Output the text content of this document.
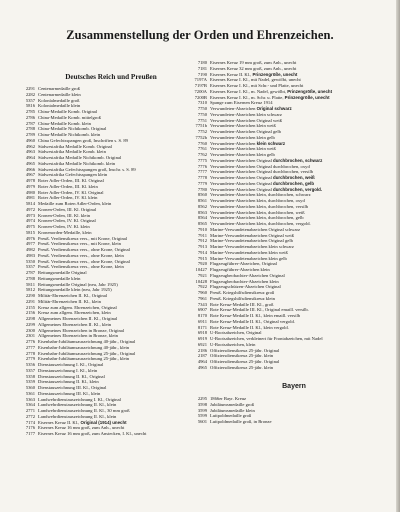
Zusammenstellung der Orden und Ehrenzeichen.
Deutsches Reich und Preußen
2291 Centenarmedaille groß
2282 Centenarmedaille klein
5357 Koloníalmedaille groß
5816 Kolonialmedaille klein
2785 China-Medaille Komb. Original
2786 China-Medaille Komb. mittelgroß
2787 China-Medaille Komb. klein
2788 China-Medaille Nichtkomb. Original
2789 China-Medaille Nichtkomb. klein
4960 China Gefechtsspangen groß, Inschriften s. S. 89
4962 Südwestafrika Medaille Komb. Original
4963 Südwestafrika Medaille Komb. klein
4964 Südwestafrika Medaille Nichtkomb. Original
4965 Südwestafrika Medaille Nichtkomb. klein
4966 Südwestafrika Gefechtsspangen groß, Inschr. s. S. 89
4967 Südwestafrika Gefechtsspangen klein
4978 Roter Adler-Orden, III. Kl. Original
4979 Roter Adler-Orden, III. Kl. klein
4980 Roter Adler-Orden, IV. Kl. Original
4981 Roter Adler-Orden, IV. Kl. klein
5814 Medaille zum Roten Adler-Orden, klein
4972 Kronen-Orden, III. Kl. Original
4973 Kronen-Orden, III. Kl. klein
4974 Kronen-Orden, IV. Kl. Original
4975 Kronen-Orden, IV. Kl. klein
5815 Kronenorden-Medaille, klein
4976 Preuß. Verdienstkreuz vers., mit Krone, Original
4977 Preuß. Verdienstkreuz vers., mit Krone, klein
4982 Preuß. Verdienstkreuz vers., ohne Krone, Original
4983 Preuß. Verdienstkreuz vers., ohne Krone, klein
5350 Preuß. Verdienstkreuz vers., ohne Krone, Original
5357 Preuß. Verdienstkreuz vers., ohne Krone, klein
2787 Rettungsmedaille Original
2788 Rettungsmedaille klein
5811 Rettungsmedaille Original (neu, Jahr 1925)
5812 Rettungsmedaille klein (neu, Jahr 1925)
2290 Militär-Ehrenzeichen II. Kl., Original
2291 Militär-Ehrenzeichen II. Kl., klein
2155 Kreuz zum allgem. Ehrenzeichen, Original
2156 Kreuz zum allgem. Ehrenzeichen, klein
2298 Allgemeines Ehrenzeichen II. Kl., Original
2299 Allgemeines Ehrenzeichen II. Kl., klein
2300 Allgemeines Ehrenzeichen in Bronze, Original
2301 Allgemeines Ehrenzeichen in Bronze, klein
2776 Eisenbahn-Jubiläumsauszeichnung 40-jähr., Original
2777 Eisenbahn-Jubiläumsauszeichnung 40-jähr., klein
2778 Eisenbahn-Jubiläumsauszeichnung 25-jähr., Original
2779 Eisenbahn-Jubiläumsauszeichnung 25-jähr., klein
5356 Dienstauszeichnung I. Kl., Original
5357 Dienstauszeichnung I. Kl., klein
5358 Dienstauszeichnung II. Kl., Original
5359 Dienstauszeichnung II. Kl., klein
5360 Dienstauszeichnung III. Kl., Original
5361 Dienstauszeichnung III. Kl., klein
5363 Landwehrdienstauszeichnung I. Kl., Original
5364 Landwehrdienstauszeichnung II. Kl., klein
2771 Landwehrdienstauszeichnung II. Kl., 30 mm groß
2772 Landwehrdienstauszeichnung II. Kl., klein
7174 Eisernes Kreuz II. Kl., Original (1914) unecht
7176 Eisernes Kreuz 16 mm groß, zum Anh., unecht
7177 Eisernes Kreuz 16 mm groß, zum Anstecken, I. Kl., unecht
7180 Eisernes Kreuz 19 mm groß, zum Anh., unecht
7181 Eisernes Kreuz 32 mm groß, zum Anh., unecht
7190 Eisernes Kreuz II. Kl., Prinzengröße, unecht
7197A Eisernes Kreuz I. Kl., mit Nadel, gewölbt, unecht
7197B Eisernes Kreuz I. Kl., mit Schr.- und Platte, unecht
7200A Eisernes Kreuz I. Kl., m. Nadel, gewölbt, Prinzengröße, unecht
7200B Eisernes Kreuz I. Kl., m. Schr. u. Platte, Prinzengröße, unecht
7310 Spange zum Eisernen Kreuz 1914
7750 Verwundeten-Abzeichen Original schwarz
7750 Verwundeten-Abzeichen klein schwarz
7751 Verwundeten-Abzeichen Original weiß
7751b Verwundeten-Abzeichen klein weiß
7752 Verwundeten-Abzeichen Original gelb
7752b Verwundeten-Abzeichen klein gelb
7760 Verwundeten-Abzeichen klein schwarz
7761 Verwundeten-Abzeichen klein weiß
7762 Verwundeten-Abzeichen klein gelb
7775 Verwundeten-Abzeichen Original durchbrochen, schwarz
7776 Verwundeten-Abzeichen Original durchbrochen, oxyd
7777 Verwundeten-Abzeichen Original durchbrochen, versilb
7778 Verwundeten-Abzeichen Original durchbrochen, weiß
7779 Verwundeten-Abzeichen Original durchbrochen, gelb
7780 Verwundeten-Abzeichen Original durchbrochen, vergold.
8560 Verwundeten-Abzeichen klein, durchbrochen, schwarz
8561 Verwundeten-Abzeichen klein, durchbrochen, oxyd
8562 Verwundeten-Abzeichen klein, durchbrochen, versilb
8563 Verwundeten-Abzeichen klein, durchbrochen, weiß
8564 Verwundeten-Abzeichen klein, durchbrochen, gelb
8565 Verwundeten-Abzeichen klein, durchbrochen, vergold.
7910 Marine-Verwundetenabzeichen Original schwarz
7911 Marine-Verwundetenabzeichen Original weiß
7912 Marine-Verwundetenabzeichen Original gelb
7913 Marine-Verwundetenabzeichen klein schwarz
7914 Marine-Verwundetenabzeichen klein weiß
7915 Marine-Verwundetenabzeichen klein gelb
7920 Flugzeugführer-Abzeichen, Original
10427 Flugzeugführer-Abzeichen klein
7921 Flugzeugbeobachter-Abzeichen Original
10428 Flugzeugbeobachter-Abzeichen klein
7922 Flugzeugschützen-Abzeichen Original
7960 Preuß. Kriegshilfsdienstkreuz groß
7961 Preuß. Kriegshilfsdienstkreuz klein
7343 Rote Kreuz-Medaille III. Kl., groß
6907 Rote Kreuz-Medaille III. Kl., Original emaill. versilb.
8170 Rote Kreuz-Medaille II. Kl., klein emaill. versilb
6911 Rote Kreuz-Medaille II. Kl., Original vergold.
8171 Rote Kreuz-Medaille II. Kl., klein vergold.
6918 U-Bootsabzeichen, Original
6919 U-Bootsabzeichen, verkleinert für Frontabzeichen, mit Nadel
6921 U-Bootsabzeichen, klein
2186 Offiziersdienstkreuz 25-jähr. Original
2187 Offiziersdienstkreuz 25-jähr. klein
4964 Offiziersdienstkreuz 25-jähr. Original
4965 Offiziersdienstkreuz 25-jähr. klein
Bayern
2295 1866er Bayr. Kreuz
3598 Jubiläumsmedaille groß
3599 Jubiläumsmedaille klein
5599 Luitpoldmedaille groß
5601 Luitpoldmedaille groß, in Bronze
